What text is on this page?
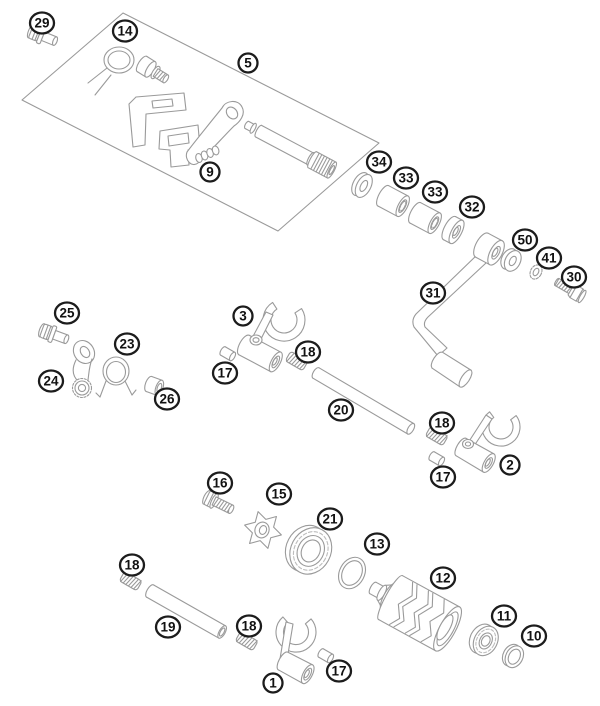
29
14
5
9
34
33
33
32
50
41
30
31
25	3
23
18
17
24
26
20
18
2
17
16
15
21
13
18
12
11
19	18
10
17
1
